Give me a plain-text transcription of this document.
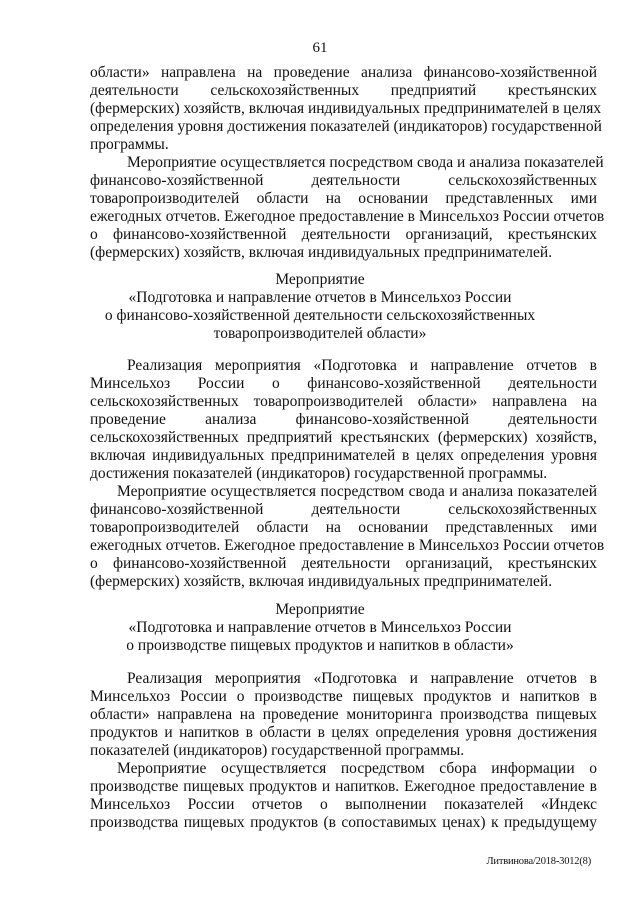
61
области» направлена на проведение анализа финансово-хозяйственной
деятельности сельскохозяйственных предприятий крестьянских
(фермерских) хозяйств, включая индивидуальных предпринимателей в целях
определения уровня достижения показателей (индикаторов) государственной
программы.
Мероприятие осуществляется посредством свода и анализа показателей
финансово-хозяйственной деятельности сельскохозяйственных
товаропроизводителей области на основании представленных ими
ежегодных отчетов. Ежегодное предоставление в Минсельхоз России отчетов
о финансово-хозяйственной деятельности организаций, крестьянских
(фермерских) хозяйств, включая индивидуальных предпринимателей.
Мероприятие
«Подготовка и направление отчетов в Минсельхоз России
о финансово-хозяйственной деятельности сельскохозяйственных
товаропроизводителей области»
Реализация мероприятия «Подготовка и направление отчетов в
Минсельхоз России о финансово-хозяйственной деятельности
сельскохозяйственных товаропроизводителей области» направлена на
проведение анализа финансово-хозяйственной деятельности
сельскохозяйственных предприятий крестьянских (фермерских) хозяйств,
включая индивидуальных предпринимателей в целях определения уровня
достижения показателей (индикаторов) государственной программы.
Мероприятие осуществляется посредством свода и анализа показателей
финансово-хозяйственной деятельности сельскохозяйственных
товаропроизводителей области на основании представленных ими
ежегодных отчетов. Ежегодное предоставление в Минсельхоз России отчетов
о финансово-хозяйственной деятельности организаций, крестьянских
(фермерских) хозяйств, включая индивидуальных предпринимателей.
Мероприятие
«Подготовка и направление отчетов в Минсельхоз России
о производстве пищевых продуктов и напитков в области»
Реализация мероприятия «Подготовка и направление отчетов в
Минсельхоз России о производстве пищевых продуктов и напитков в
области» направлена на проведение мониторинга производства пищевых
продуктов и напитков в области в целях определения уровня достижения
показателей (индикаторов) государственной программы.
Мероприятие осуществляется посредством сбора информации о
производстве пищевых продуктов и напитков. Ежегодное предоставление в
Минсельхоз России отчетов о выполнении показателей «Индекс
производства пищевых продуктов (в сопоставимых ценах) к предыдущему
Литвинова/2018-3012(8)
